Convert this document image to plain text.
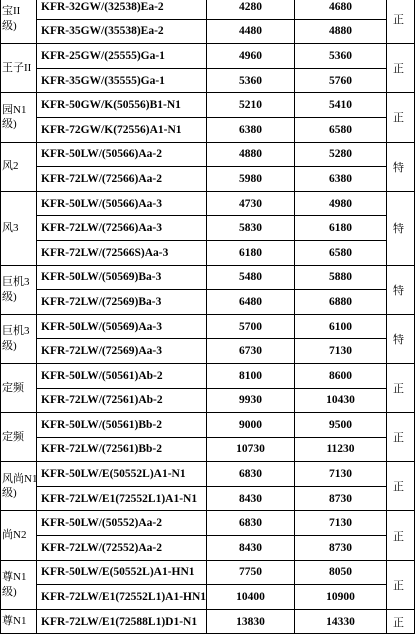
宝II
级)	KFR-32GW/(32538)Ea-2	4280	4680	正
	KFR-35GW/(35538)Ea-2	4480	4880	

王子II	KFR-25GW/(25555)Ga-1	4960	5360	正
	KFR-35GW/(35555)Ga-1	5360	5760	

园N1
级)	KFR-50GW/K(50556)B1-N1	5210	5410	正
	KFR-72GW/K(72556)A1-N1	6380	6580	

风2	KFR-50LW/(50566)Aa-2	4880	5280	特
	KFR-72LW/(72566)Aa-2	5980	6380	

风3	KFR-50LW/(50566)Aa-3	4730	4980	特
	KFR-72LW/(72566)Aa-3	5830	6180	
	KFR-72LW/(72566S)Aa-3	6180	6580	

巨机3
级)	KFR-50LW/(50569)Ba-3	5480	5880	特
	KFR-72LW/(72569)Ba-3	6480	6880	

巨机3
级)	KFR-50LW/(50569)Aa-3	5700	6100	特
	KFR-72LW/(72569)Aa-3	6730	7130	

定频	KFR-50LW/(50561)Ab-2	8100	8600	正
	KFR-72LW/(72561)Ab-2	9930	10430	

定频	KFR-50LW/(50561)Bb-2	9000	9500	正
	KFR-72LW/(72561)Bb-2	10730	11230	

风尚N1
级)	KFR-50LW/E(50552L)A1-N1	6830	7130	正
	KFR-72LW/E1(72552L1)A1-N1	8430	8730	

尚N2	KFR-50LW/(50552)Aa-2	6830	7130	正
	KFR-72LW/(72552)Aa-2	8430	8730	

尊N1
级)	KFR-50LW/E(50552L)A1-HN1	7750	8050	正
	KFR-72LW/E1(72552L1)A1-HN1	10400	10900	

尊N1	KFR-72LW/E1(72588L1)D1-N1	13830	14330	正
